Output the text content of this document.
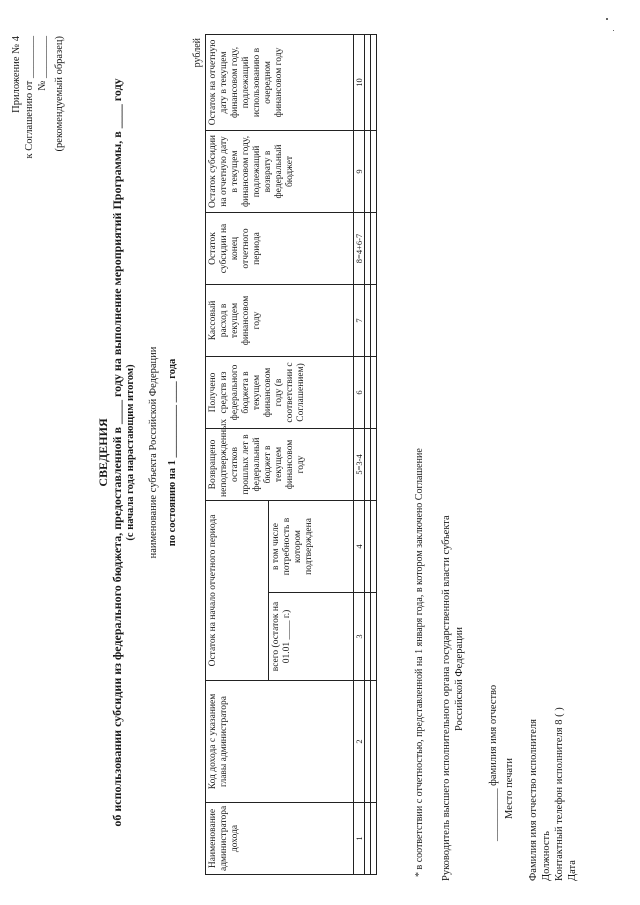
Приложение № 4 к Соглашению от ________ № ________ (рекомендуемый образец)
СВЕДЕНИЯ об использовании субсидии из федерального бюджета, предоставленной в ____ году на выполнение мероприятий Программы, в ____ году (с начала года нарастающим итогом) наименование субъекта Российской Федерации по состоянию на 1 __________ ____ года
рублей
Наименование администратора дохода	Код дохода с указанием главы администратора	Остаток на начало отчетного периода		Возвращено неподтвержденных остатков прошлых лет в федеральный бюджет в текущем финансовом году	Получено средств из федерального бюджета в текущем финансовом году (в соответствии с Соглашением)	Кассовый расход в текущем финансовом году	Остаток субсидии на конец отчетного периода	Остаток субсидии на отчетную дату в текущем финансовом году, подлежащий возврату в федеральный бюджет	Остаток на отчетную дату в текущем финансовом году, подлежащий использованию в очередном финансовом году
		всего (остаток на 01.01 ____ г.)	в том числе потребность в котором подтверждена						
1	2	3	4	5=3-4	6	7	8=4+6-7	9	10

* в соответствии с отчетностью, представленной на 1 января года, в котором заключено Соглашение Руководитель высшего исполнительного органа государственной власти субъекта Российской Федерации
__________ фамилия имя отчество Место печати Фамилия имя отчество исполнителя Должность Контактный телефон исполнителя 8 ( ) Дата
